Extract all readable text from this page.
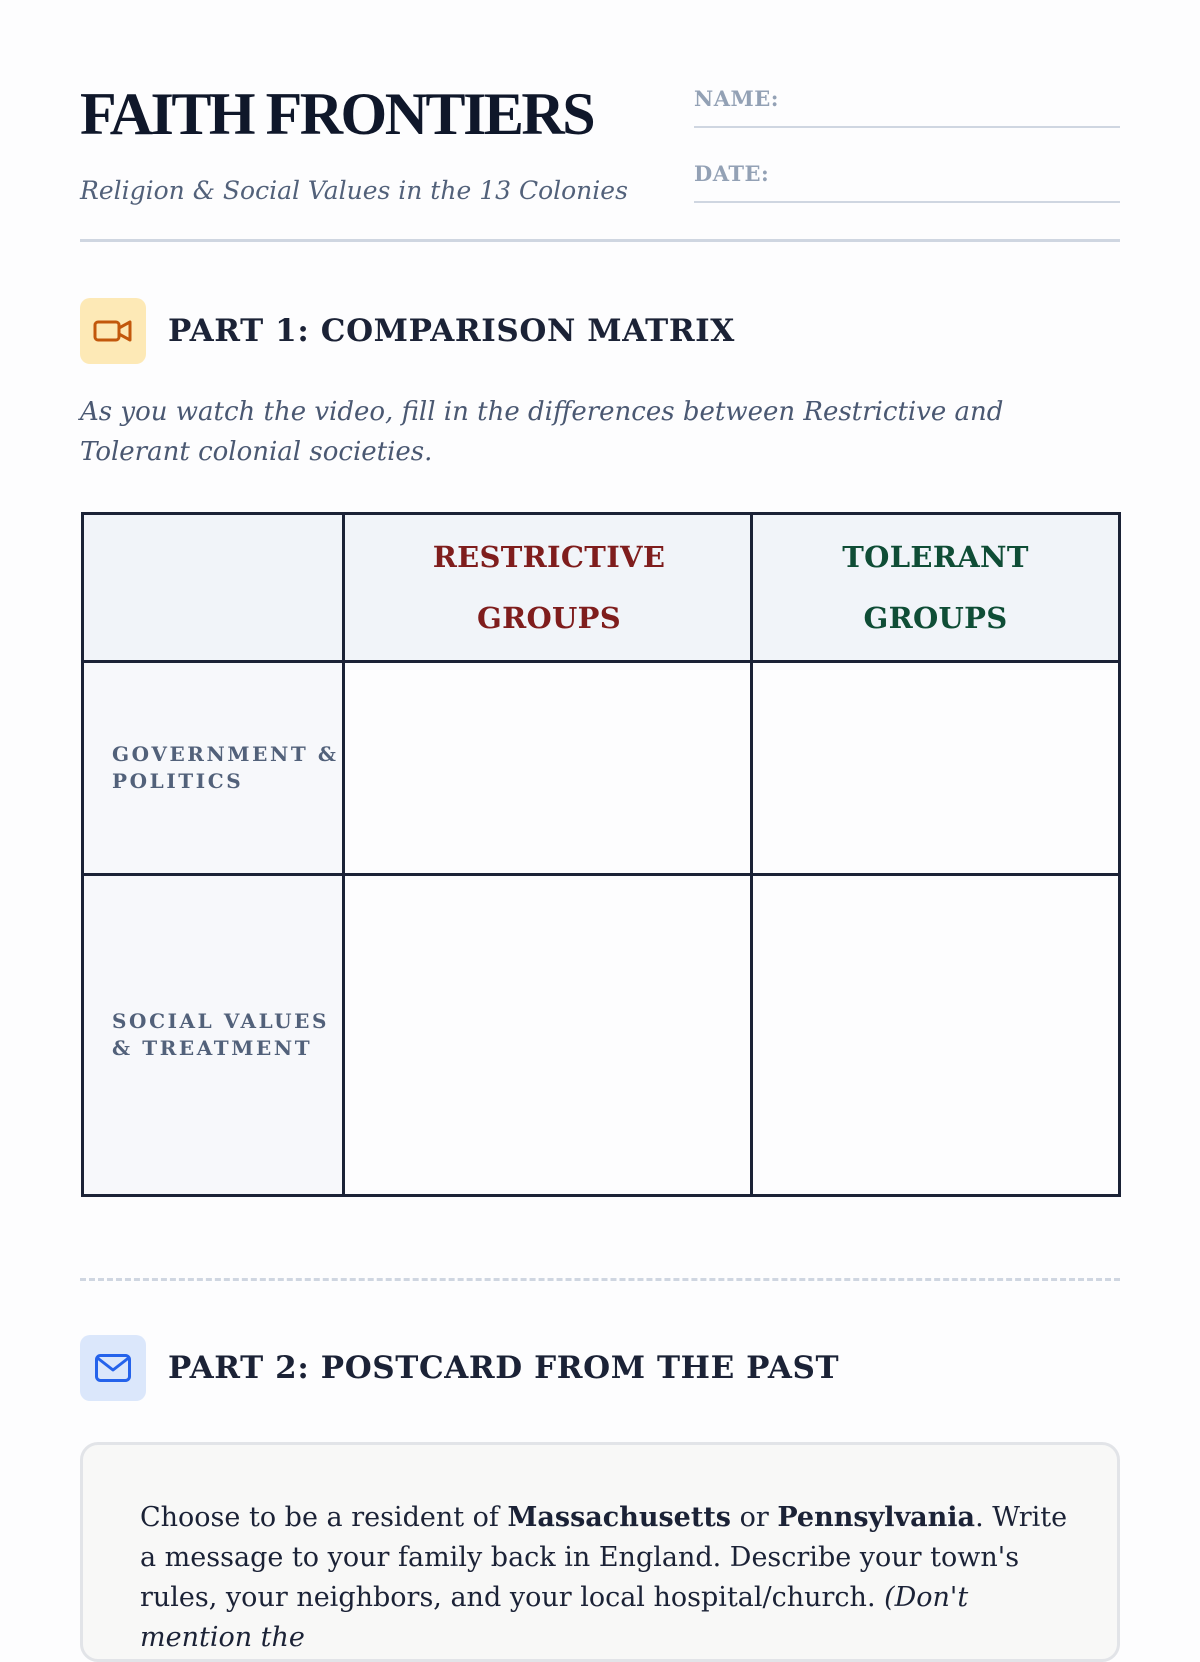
FAITH FRONTIERS

Religion & Social Values in the 13 Colonies

NAME:
DATE:
PART 1: COMPARISON MATRIX

As you watch the video, fill in the differences between Restrictive and Tolerant colonial societies.

RESTRICTIVE
GROUPS
TOLERANT
GROUPS
GOVERNMENT &
POLITICS
SOCIAL VALUES
& TREATMENT
PART 2: POSTCARD FROM THE PAST

Choose to be a resident of Massachusetts or Pennsylvania. Write a message to your family back in England. Describe your town's rules, your neighbors, and your local hospital/church. (Don't mention the
